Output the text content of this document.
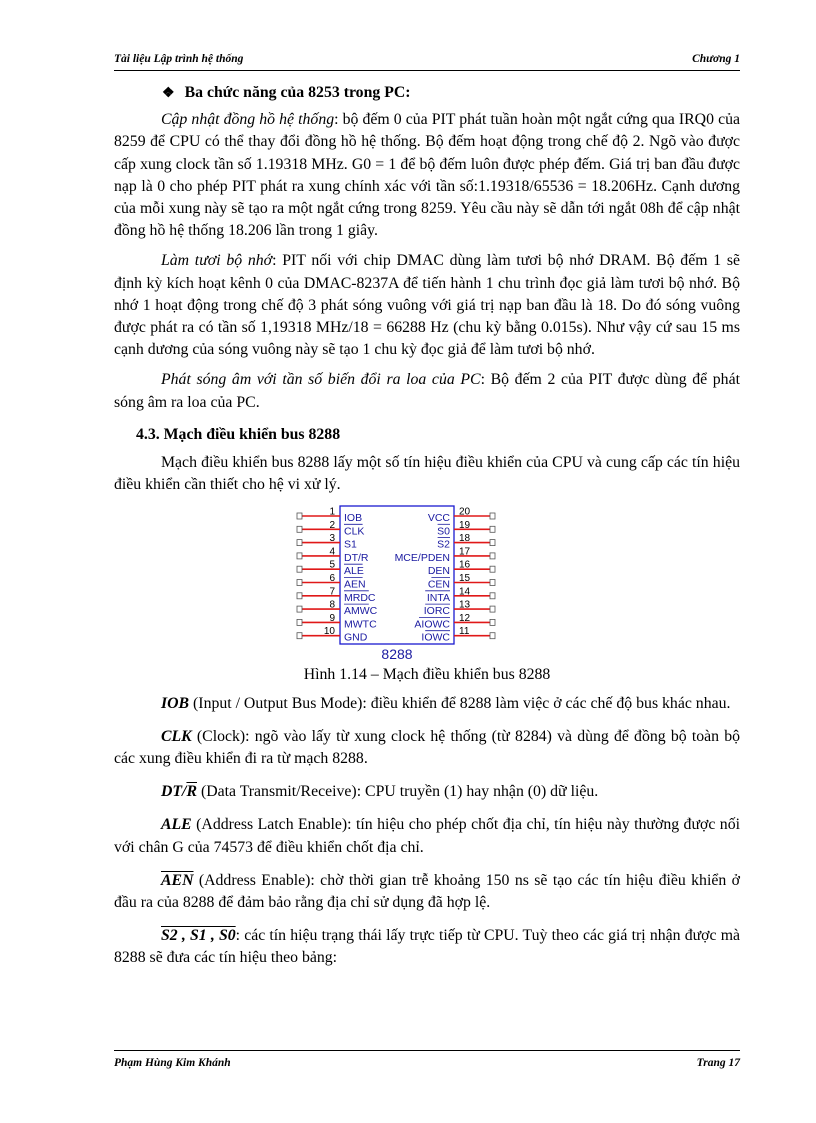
Tài liệu Lập trình hệ thống	Chương 1

❖ Ba chức năng của 8253 trong PC:

Cập nhật đồng hồ hệ thống: bộ đếm 0 của PIT phát tuần hoàn một ngắt cứng qua IRQ0 của 8259 để CPU có thể thay đổi đồng hồ hệ thống. Bộ đếm hoạt động trong chế độ 2. Ngõ vào được cấp xung clock tần số 1.19318 MHz. G0 = 1 để bộ đếm luôn được phép đếm. Giá trị ban đầu được nạp là 0 cho phép PIT phát ra xung chính xác với tần số:1.19318/65536 = 18.206Hz. Cạnh dương của mỗi xung này sẽ tạo ra một ngắt cứng trong 8259. Yêu cầu này sẽ dẫn tới ngắt 08h để cập nhật đồng hồ hệ thống 18.206 lần trong 1 giây.

Làm tươi bộ nhớ: PIT nối với chip DMAC dùng làm tươi bộ nhớ DRAM. Bộ đếm 1 sẽ định kỳ kích hoạt kênh 0 của DMAC-8237A để tiến hành 1 chu trình đọc giả làm tươi bộ nhớ. Bộ nhớ 1 hoạt động trong chế độ 3 phát sóng vuông với giá trị nạp ban đầu là 18. Do đó sóng vuông được phát ra có tần số 1,19318 MHz/18 = 66288 Hz (chu kỳ bằng 0.015s). Như vậy cứ sau 15 ms cạnh dương của sóng vuông này sẽ tạo 1 chu kỳ đọc giả để làm tươi bộ nhớ.

Phát sóng âm với tần số biến đổi ra loa của PC: Bộ đếm 2 của PIT được dùng để phát sóng âm ra loa của PC.

4.3. Mạch điều khiển bus 8288

Mạch điều khiển bus 8288 lấy một số tín hiệu điều khiển của CPU và cung cấp các tín hiệu điều khiển cần thiết cho hệ vi xử lý.

1 IOB
2 CLK
3 S1
4 DT/R
5 ALE
6 AEN
7 MRDC
8 AMWC
9 MWTC
10 GND
20
VCC
19
S0
18
S2
17
MCE/PDEN
16
DEN
15
CEN
14
INTA
13
IORC
12
AIOWC
11
IOWC
8288

Hình 1.14 – Mạch điều khiển bus 8288

IOB (Input / Output Bus Mode): điều khiển để 8288 làm việc ở các chế độ bus khác nhau.

CLK (Clock): ngõ vào lấy từ xung clock hệ thống (từ 8284) và dùng để đồng bộ toàn bộ các xung điều khiển đi ra từ mạch 8288.

$DT/\overline{R}$ (Data Transmit/Receive): CPU truyền (1) hay nhận (0) dữ liệu.

ALE (Address Latch Enable): tín hiệu cho phép chốt địa chỉ, tín hiệu này thường được nối với chân G của 74573 để điều khiển chốt địa chỉ.

$\overline{AEN}$ (Address Enable): chờ thời gian trễ khoảng 150 ns sẽ tạo các tín hiệu điều khiển ở đầu ra của 8288 để đảm bảo rằng địa chỉ sử dụng đã hợp lệ.

S2 , S1 , S0: các tín hiệu trạng thái lấy trực tiếp từ CPU. Tuỳ theo các giá trị nhận được mà 8288 sẽ đưa các tín hiệu theo bảng:

Phạm Hùng Kim Khánh	Trang 17
